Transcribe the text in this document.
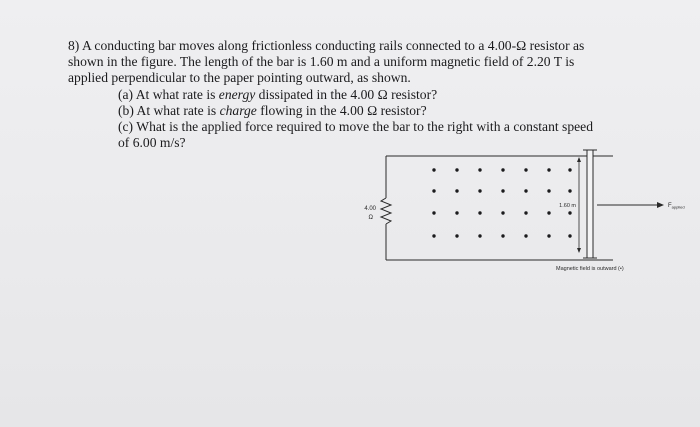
8) A conducting bar moves along frictionless conducting rails connected to a 4.00-Ω resistor as
shown in the figure. The length of the bar is 1.60 m and a uniform magnetic field of 2.20 T is
applied perpendicular to the paper pointing outward, as shown.
(a) At what rate is energy dissipated in the 4.00 Ω resistor?
(b) At what rate is charge flowing in the 4.00 Ω resistor?
(c) What is the applied force required to move the bar to the right with a constant speed
of 6.00 m/s?
4.00
Ω
1.60 m	$F_{applied}$
Magnetic field is outward (•)
